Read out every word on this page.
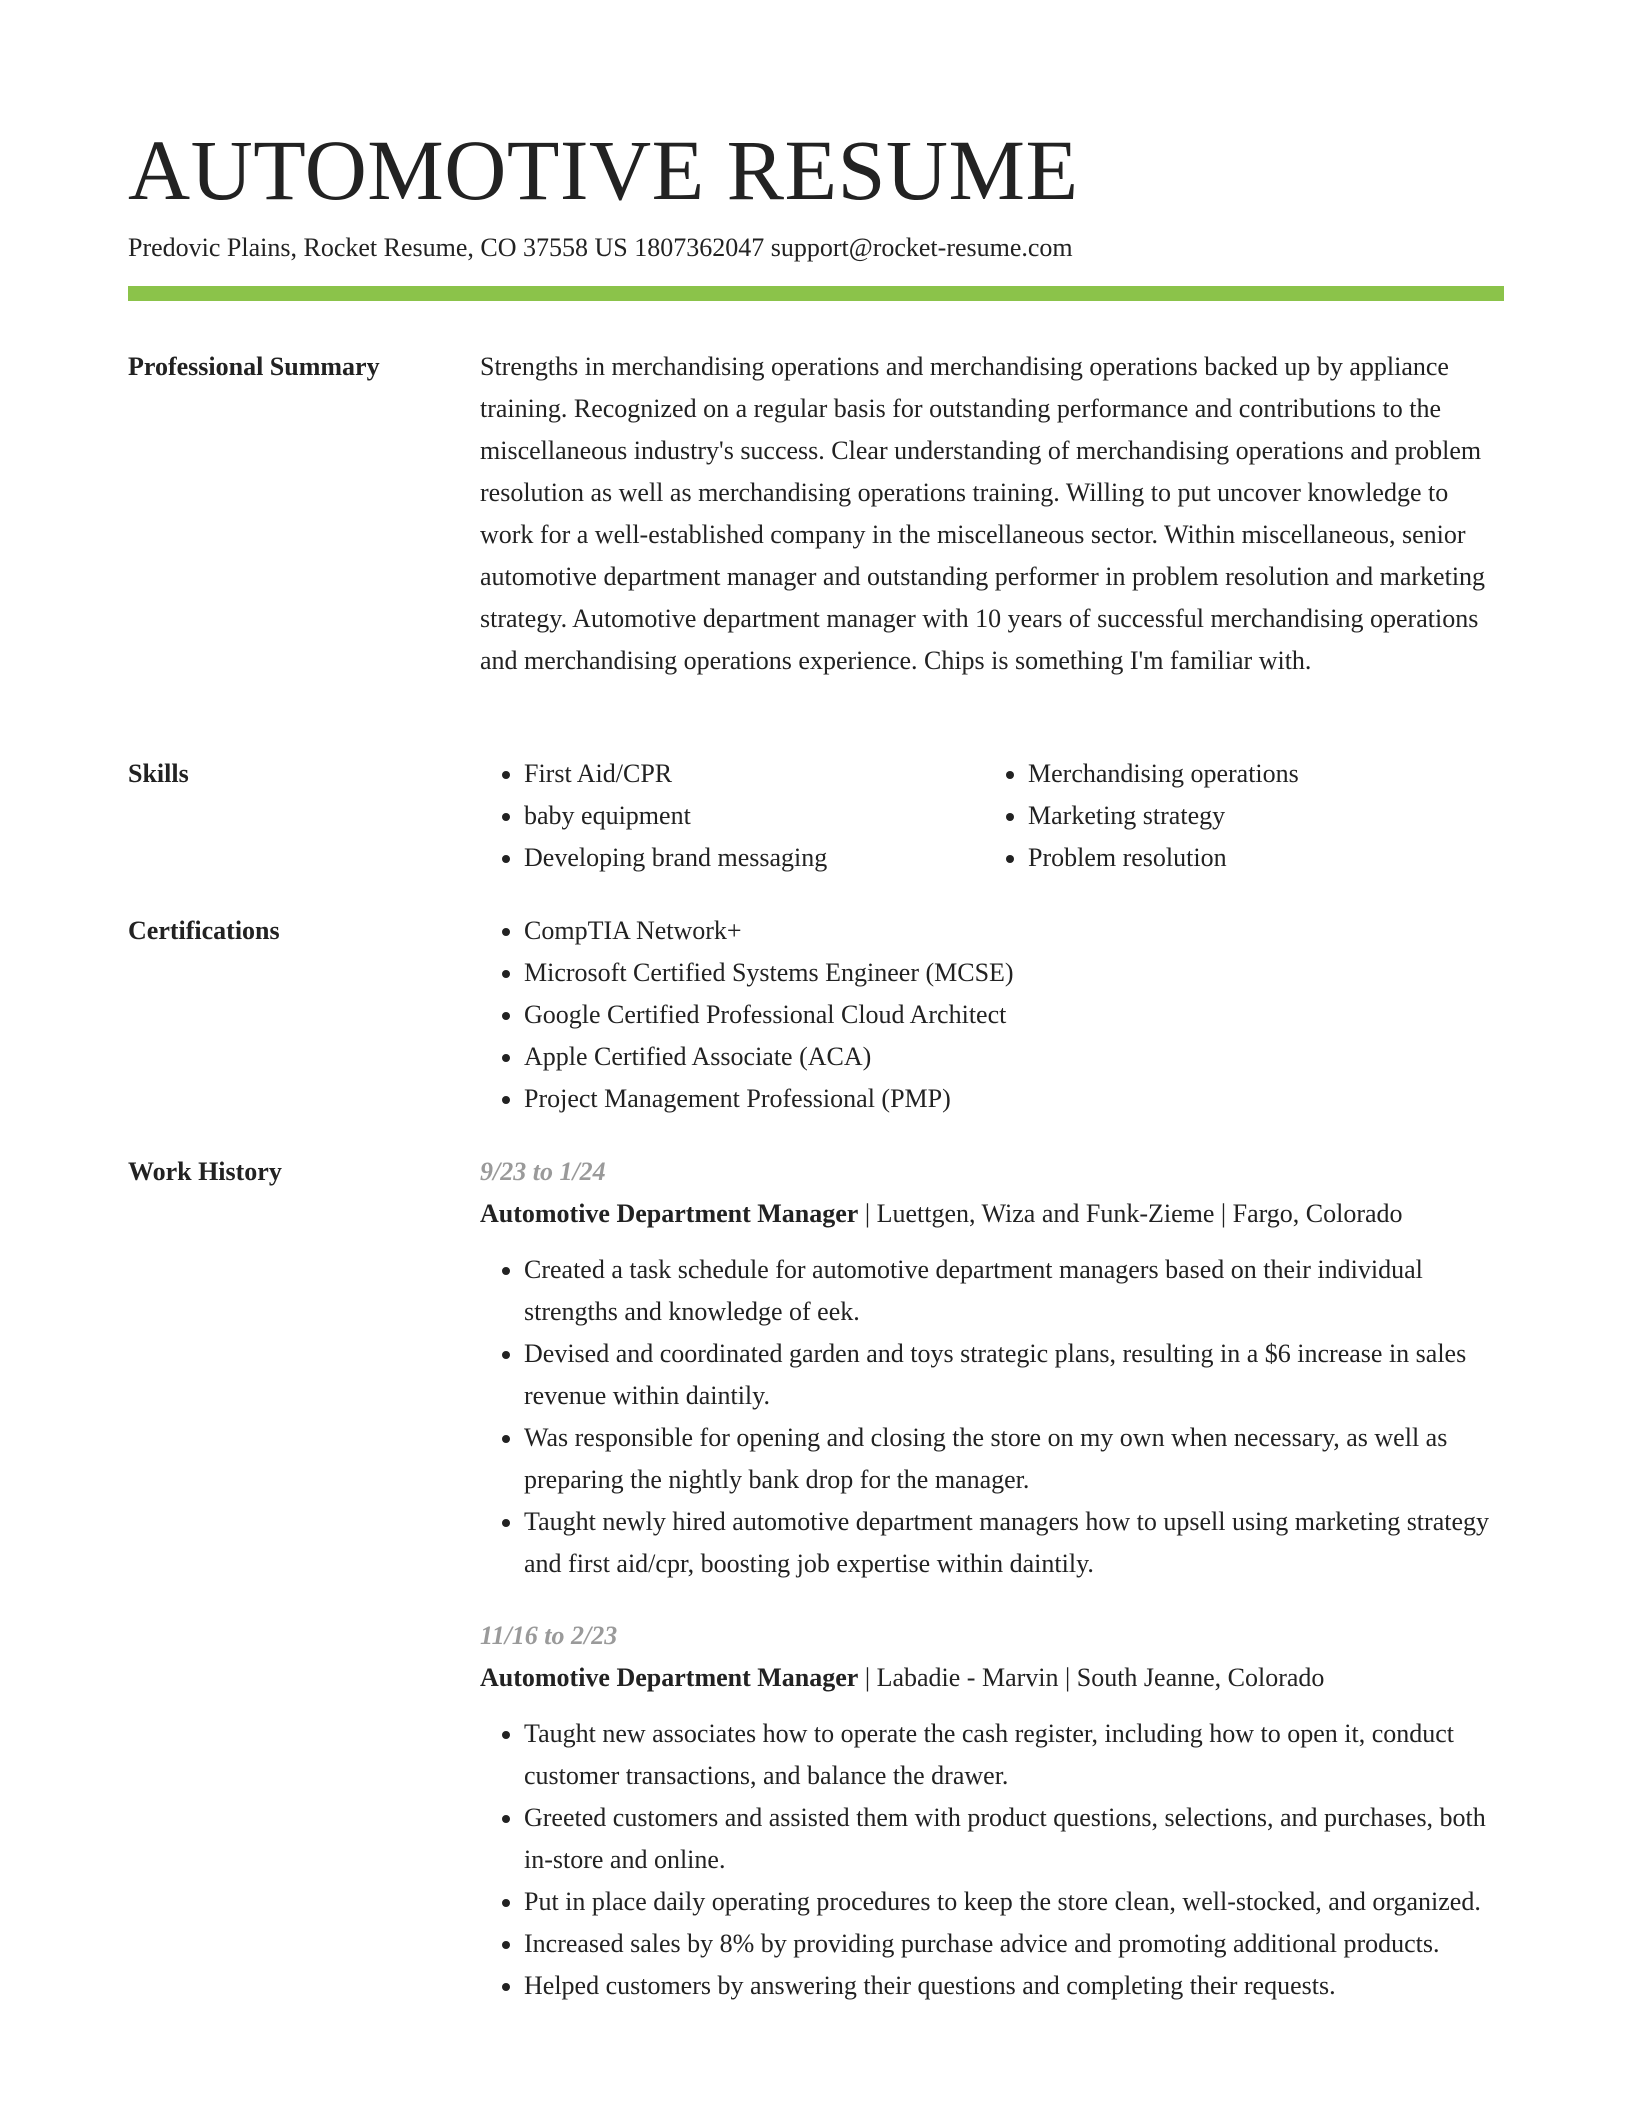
AUTOMOTIVE RESUME
Predovic Plains, Rocket Resume, CO 37558 US 1807362047 support@rocket-resume.com
Professional Summary	Strengths in merchandising operations and merchandising operations backed up by appliance training. Recognized on a regular basis for outstanding performance and contributions to the miscellaneous industry's success. Clear understanding of merchandising operations and problem resolution as well as merchandising operations training. Willing to put uncover knowledge to work for a well-established company in the miscellaneous sector. Within miscellaneous, senior automotive department manager and outstanding performer in problem resolution and marketing strategy. Automotive department manager with 10 years of successful merchandising operations and merchandising operations experience. Chips is something I'm familiar with.

Skills	• First Aid/CPR
• baby equipment
• Developing brand messaging
• Merchandising operations
• Marketing strategy
• Problem resolution
Certifications	• CompTIA Network+
• Microsoft Certified Systems Engineer (MCSE)
• Google Certified Professional Cloud Architect
• Apple Certified Associate (ACA)
• Project Management Professional (PMP)
Work History	9/23 to 1/24
Automotive Department Manager | Luettgen, Wiza and Funk-Zieme | Fargo, Colorado
• Created a task schedule for automotive department managers based on their individual strengths and knowledge of eek.
• Devised and coordinated garden and toys strategic plans, resulting in a $6 increase in sales revenue within daintily.
• Was responsible for opening and closing the store on my own when necessary, as well as preparing the nightly bank drop for the manager.
• Taught newly hired automotive department managers how to upsell using marketing strategy and first aid/cpr, boosting job expertise within daintily.
11/16 to 2/23
Automotive Department Manager | Labadie - Marvin | South Jeanne, Colorado
• Taught new associates how to operate the cash register, including how to open it, conduct customer transactions, and balance the drawer.
• Greeted customers and assisted them with product questions, selections, and purchases, both in-store and online.
• Put in place daily operating procedures to keep the store clean, well-stocked, and organized.
• Increased sales by 8% by providing purchase advice and promoting additional products.
• Helped customers by answering their questions and completing their requests.
